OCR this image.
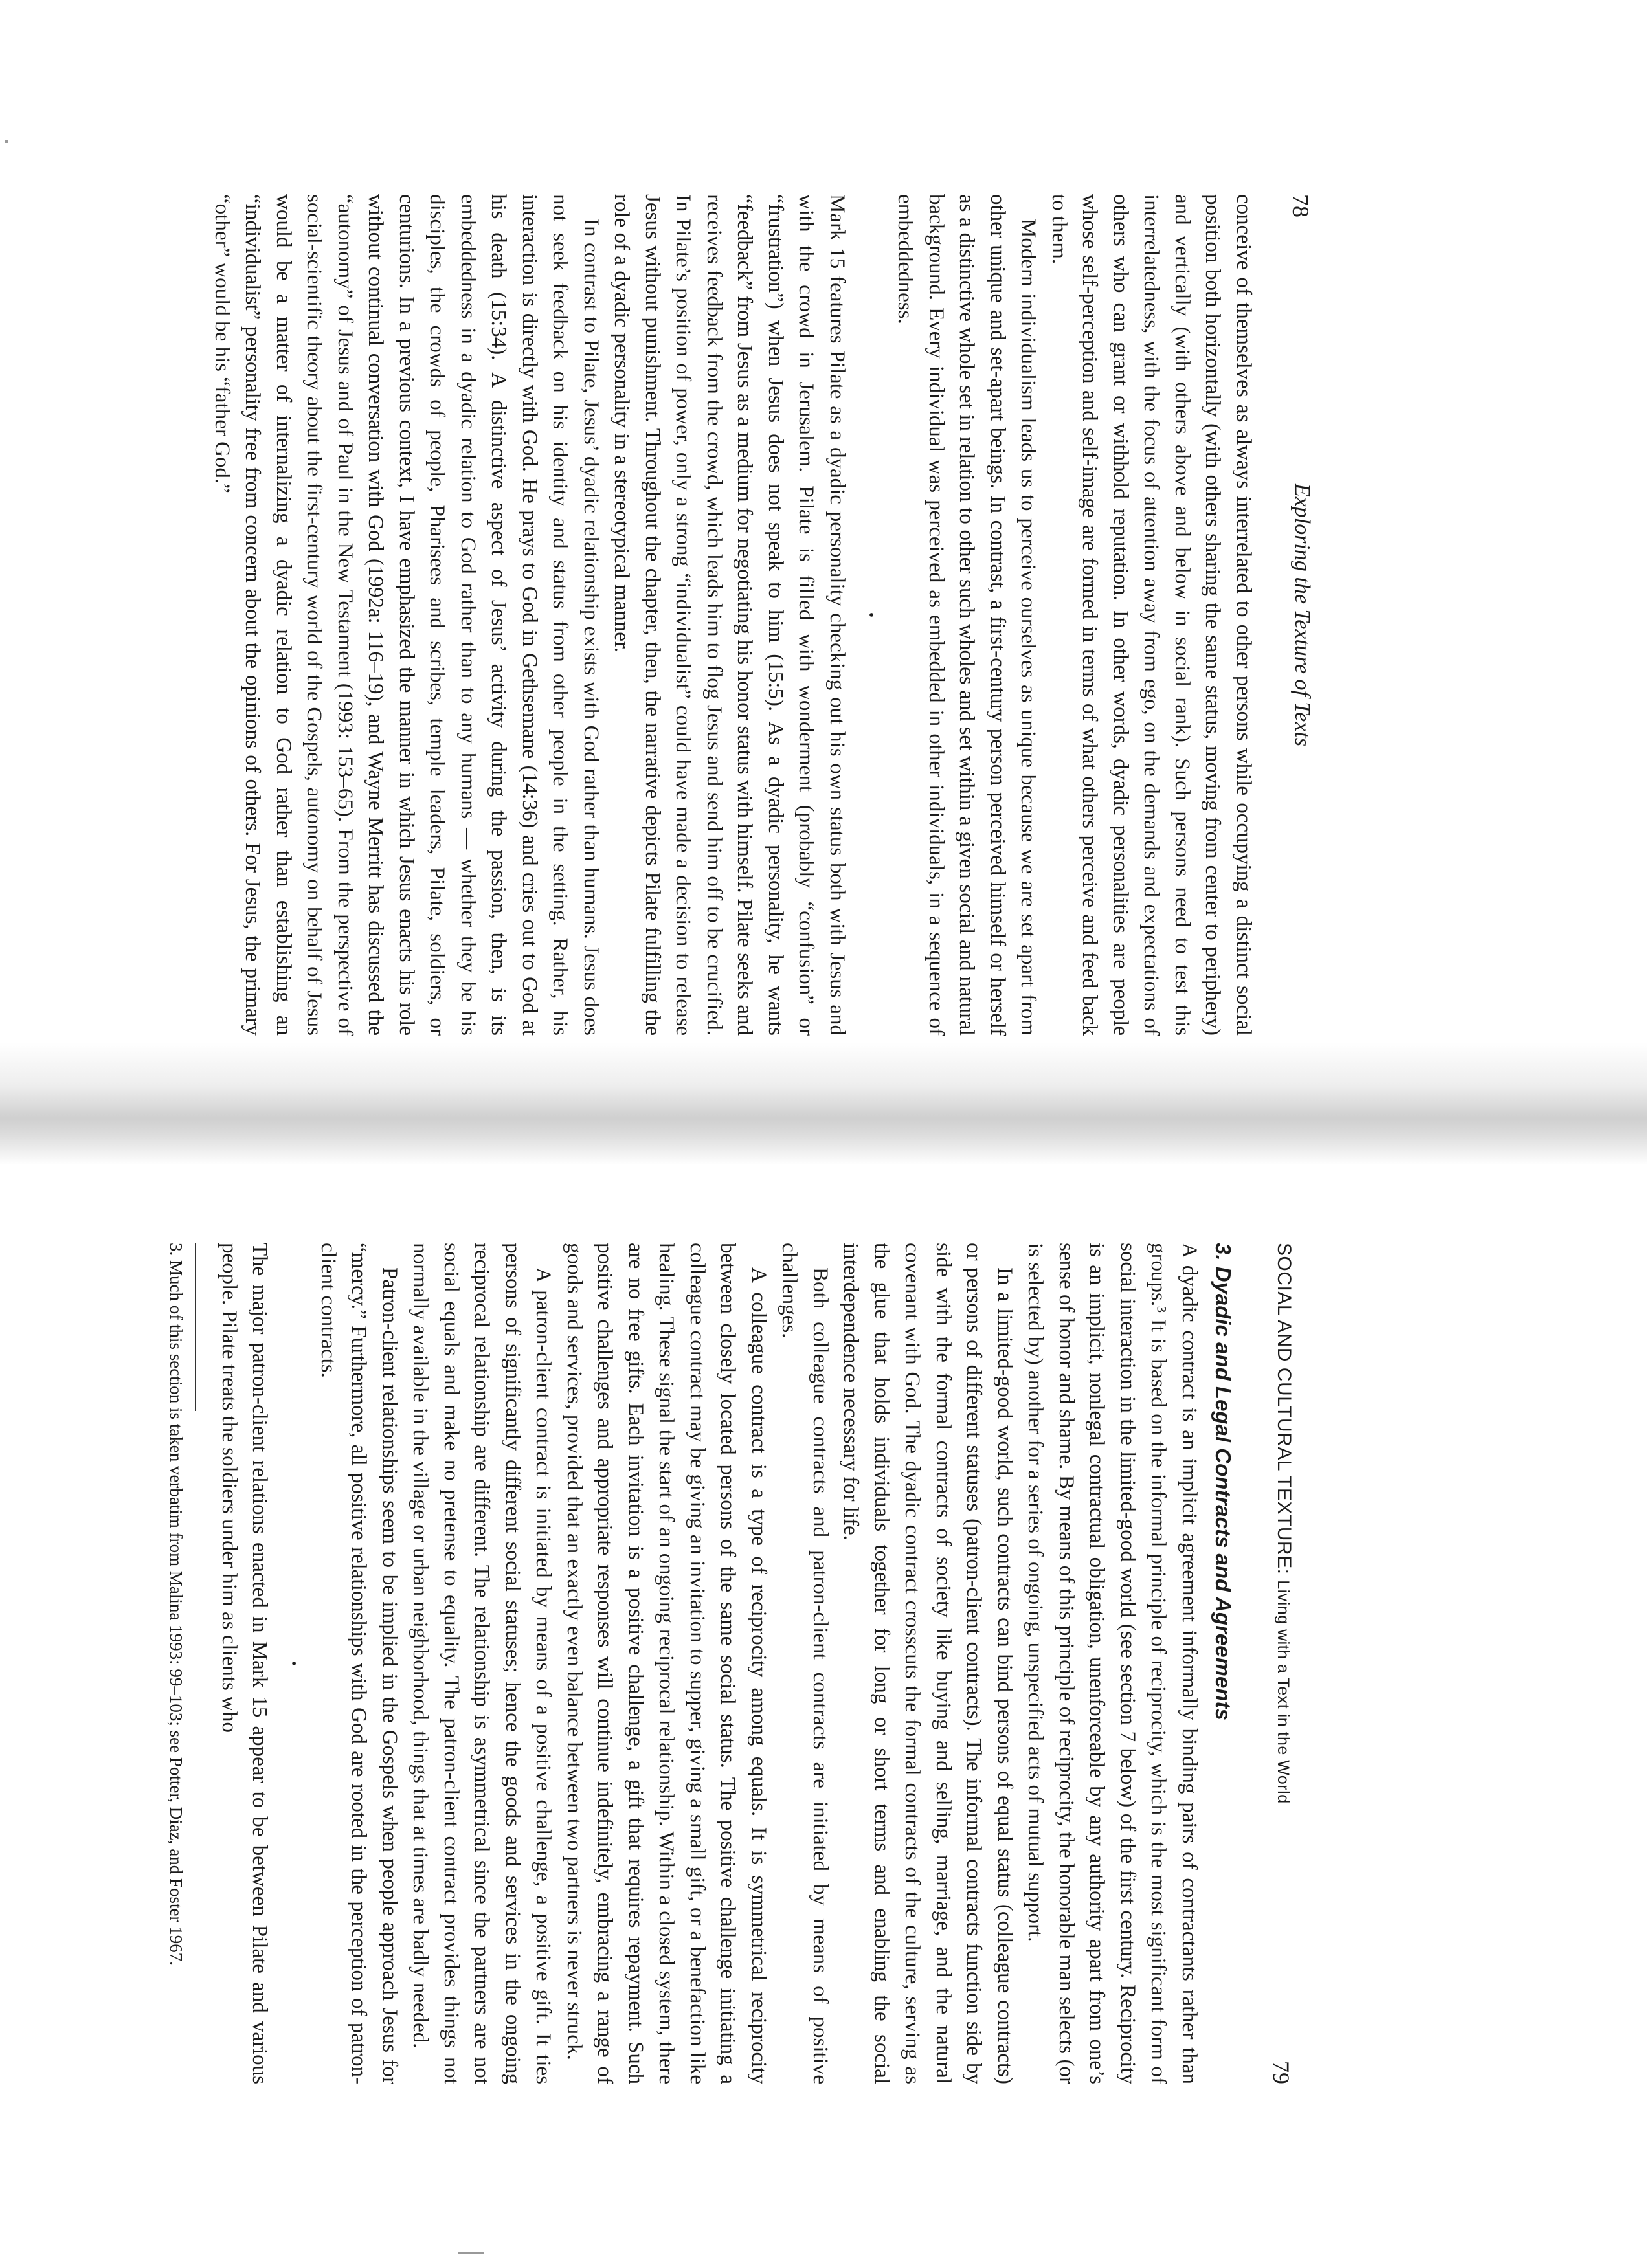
78
Exploring the Texture of Texts

conceive of themselves as always interrelated to other persons while occupying a distinct social position both horizontally (with others sharing the same status, moving from center to periphery) and vertically (with others above and below in social rank). Such persons need to test this interrelatedness, with the focus of attention away from ego, on the demands and expectations of others who can grant or withhold reputation. In other words, dyadic personalities are people whose self-perception and self-image are formed in terms of what others perceive and feed back to them.

Modern individualism leads us to perceive ourselves as unique because we are set apart from other unique and set-apart beings. In contrast, a first-century person perceived himself or herself as a distinctive whole set in relation to other such wholes and set within a given social and natural background. Every individual was perceived as embedded in other individuals, in a sequence of embeddedness.

•

Mark 15 features Pilate as a dyadic personality checking out his own status both with Jesus and with the crowd in Jerusalem. Pilate is filled with wonderment (probably “confusion” or “frustration”) when Jesus does not speak to him (15:5). As a dyadic personality, he wants “feedback” from Jesus as a medium for negotiating his honor status with himself. Pilate seeks and receives feedback from the crowd, which leads him to flog Jesus and send him off to be crucified. In Pilate’s position of power, only a strong “individualist” could have made a decision to release Jesus without punishment. Throughout the chapter, then, the narrative depicts Pilate fulfilling the role of a dyadic personality in a stereotypical manner.

In contrast to Pilate, Jesus’ dyadic relationship exists with God rather than humans. Jesus does not seek feedback on his identity and status from other people in the setting. Rather, his interaction is directly with God. He prays to God in Gethsemane (14:36) and cries out to God at his death (15:34). A distinctive aspect of Jesus’ activity during the passion, then, is its embeddedness in a dyadic relation to God rather than to any humans — whether they be his disciples, the crowds of people, Pharisees and scribes, temple leaders, Pilate, soldiers, or centurions. In a previous context, I have emphasized the manner in which Jesus enacts his role without continual conversation with God (1992a: 116–19), and Wayne Merritt has discussed the “autonomy” of Jesus and of Paul in the New Testament (1993: 153–65). From the perspective of social-scientific theory about the first-century world of the Gospels, autonomy on behalf of Jesus would be a matter of internalizing a dyadic relation to God rather than establishing an “individualist” personality free from concern about the opinions of others. For Jesus, the primary “other” would be his “father God.”

SOCIAL AND CULTURAL TEXTURE: Living with a Text in the World
79
3. Dyadic and Legal Contracts and Agreements

A dyadic contract is an implicit agreement informally binding pairs of contractants rather than groups.³ It is based on the informal principle of reciprocity, which is the most significant form of social interaction in the limited-good world (see section 7 below) of the first century. Reciprocity is an implicit, nonlegal contractual obligation, unenforceable by any authority apart from one’s sense of honor and shame. By means of this principle of reciprocity, the honorable man selects (or is selected by) another for a series of ongoing, unspecified acts of mutual support.

In a limited-good world, such contracts can bind persons of equal status (colleague contracts) or persons of different statuses (patron-client contracts). The informal contracts function side by side with the formal contracts of society like buying and selling, marriage, and the natural covenant with God. The dyadic contract crosscuts the formal contracts of the culture, serving as the glue that holds individuals together for long or short terms and enabling the social interdependence necessary for life.

Both colleague contracts and patron-client contracts are initiated by means of positive challenges.

A colleague contract is a type of reciprocity among equals. It is symmetrical reciprocity between closely located persons of the same social status. The positive challenge initiating a colleague contract may be giving an invitation to supper, giving a small gift, or a benefaction like healing. These signal the start of an ongoing reciprocal relationship. Within a closed system, there are no free gifts. Each invitation is a positive challenge, a gift that requires repayment. Such positive challenges and appropriate responses will continue indefinitely, embracing a range of goods and services, provided that an exactly even balance between two partners is never struck.

A patron-client contract is initiated by means of a positive challenge, a positive gift. It ties persons of significantly different social statuses; hence the goods and services in the ongoing reciprocal relationship are different. The relationship is asymmetrical since the partners are not social equals and make no pretense to equality. The patron-client contract provides things not normally available in the village or urban neighborhood, things that at times are badly needed.

Patron-client relationships seem to be implied in the Gospels when people approach Jesus for “mercy.” Furthermore, all positive relationships with God are rooted in the perception of patron-client contracts.

•

The major patron-client relations enacted in Mark 15 appear to be between Pilate and various people. Pilate treats the soldiers under him as clients who

3. Much of this section is taken verbatim from Malina 1993: 99–103; see Potter, Diaz, and Foster 1967.
